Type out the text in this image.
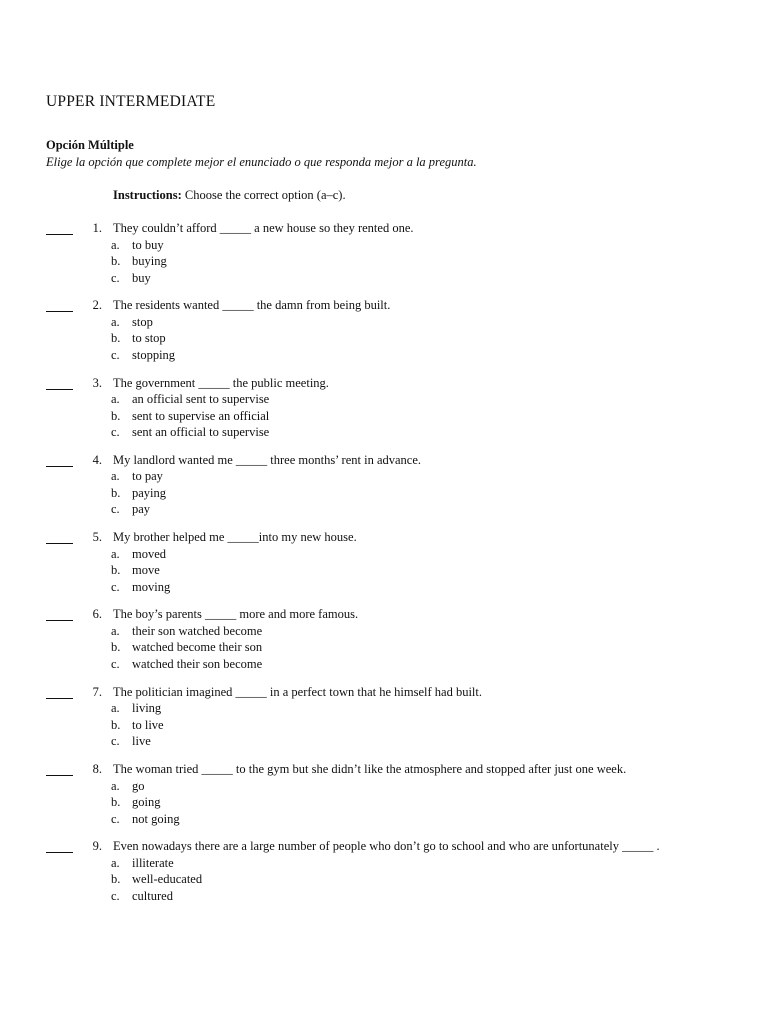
UPPER INTERMEDIATE

Opción Múltiple

Elige la opción que complete mejor el enunciado o que responda mejor a la pregunta.

Instructions: Choose the correct option (a–c).

1. They couldn’t afford _____ a new house so they rented one.
a. to buy
b. buying
c. buy
2. The residents wanted _____ the damn from being built.
a. stop
b. to stop
c. stopping
3. The government _____ the public meeting.
a. an official sent to supervise
b. sent to supervise an official
c. sent an official to supervise
4. My landlord wanted me _____ three months’ rent in advance.
a. to pay
b. paying
c. pay
5. My brother helped me _____into my new house.
a. moved
b. move
c. moving
6. The boy’s parents _____ more and more famous.
a. their son watched become
b. watched become their son
c. watched their son become
7. The politician imagined _____ in a perfect town that he himself had built.
a. living
b. to live
c. live
8. The woman tried _____ to the gym but she didn’t like the atmosphere and stopped after just one week.
a. go
b. going
c. not going
9. Even nowadays there are a large number of people who don’t go to school and who are unfortunately _____ .
a. illiterate
b. well-educated
c. cultured
